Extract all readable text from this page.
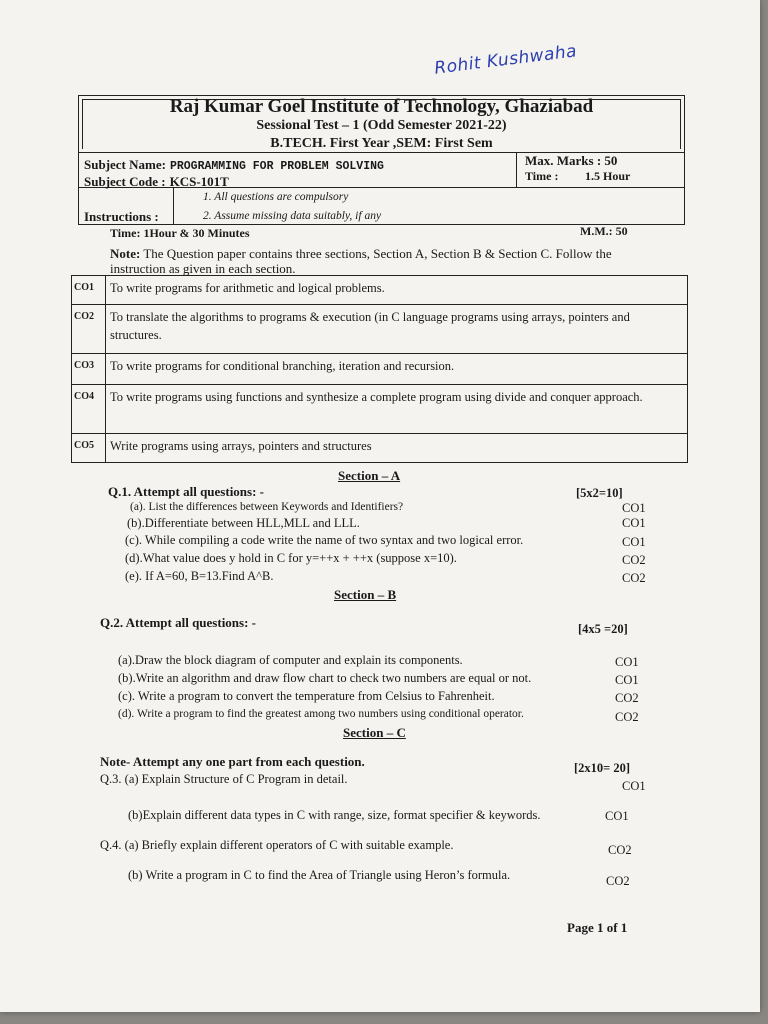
Rohit Kushwaha
Raj Kumar Goel Institute of Technology, Ghaziabad
Sessional Test – 1 (Odd Semester 2021-22)
B.TECH. First Year ,SEM: First Sem
Subject Name: PROGRAMMING FOR PROBLEM SOLVING
Subject Code : KCS-101T
Max. Marks : 50
Time : 1.5 Hour
Instructions :
1. All questions are compulsory
2. Assume missing data suitably, if any
Time: 1Hour & 30 Minutes	M.M.: 50
Note: The Question paper contains three sections, Section A, Section B & Section C. Follow the instruction as given in each section.
CO1	To write programs for arithmetic and logical problems.
CO2	To translate the algorithms to programs & execution (in C language programs using arrays, pointers and structures.
CO3	To write programs for conditional branching, iteration and recursion.
CO4	To write programs using functions and synthesize a complete program using divide and conquer approach.
CO5	Write programs using arrays, pointers and structures
Section – A
Q.1. Attempt all questions: -	[5x2=10]
(a). List the differences between Keywords and Identifiers?	CO1
(b).Differentiate between HLL,MLL and LLL.	CO1
(c). While compiling a code write the name of two syntax and two logical error.	CO1
(d).What value does y hold in C for y=++x + ++x (suppose x=10).	CO2
(e). If A=60, B=13.Find A^B.	CO2
Section – B
Q.2. Attempt all questions: -	[4x5 =20]
(a).Draw the block diagram of computer and explain its components.	CO1
(b).Write an algorithm and draw flow chart to check two numbers are equal or not.	CO1
(c). Write a program to convert the temperature from Celsius to Fahrenheit.	CO2
(d). Write a program to find the greatest among two numbers using conditional operator.	CO2
Section – C
Note- Attempt any one part from each question.	[2x10= 20]
Q.3. (a) Explain Structure of C Program in detail.	CO1
(b)Explain different data types in C with range, size, format specifier & keywords.	CO1
Q.4. (a) Briefly explain different operators of C with suitable example.	CO2
(b) Write a program in C to find the Area of Triangle using Heron’s formula.	CO2
Page 1 of 1
